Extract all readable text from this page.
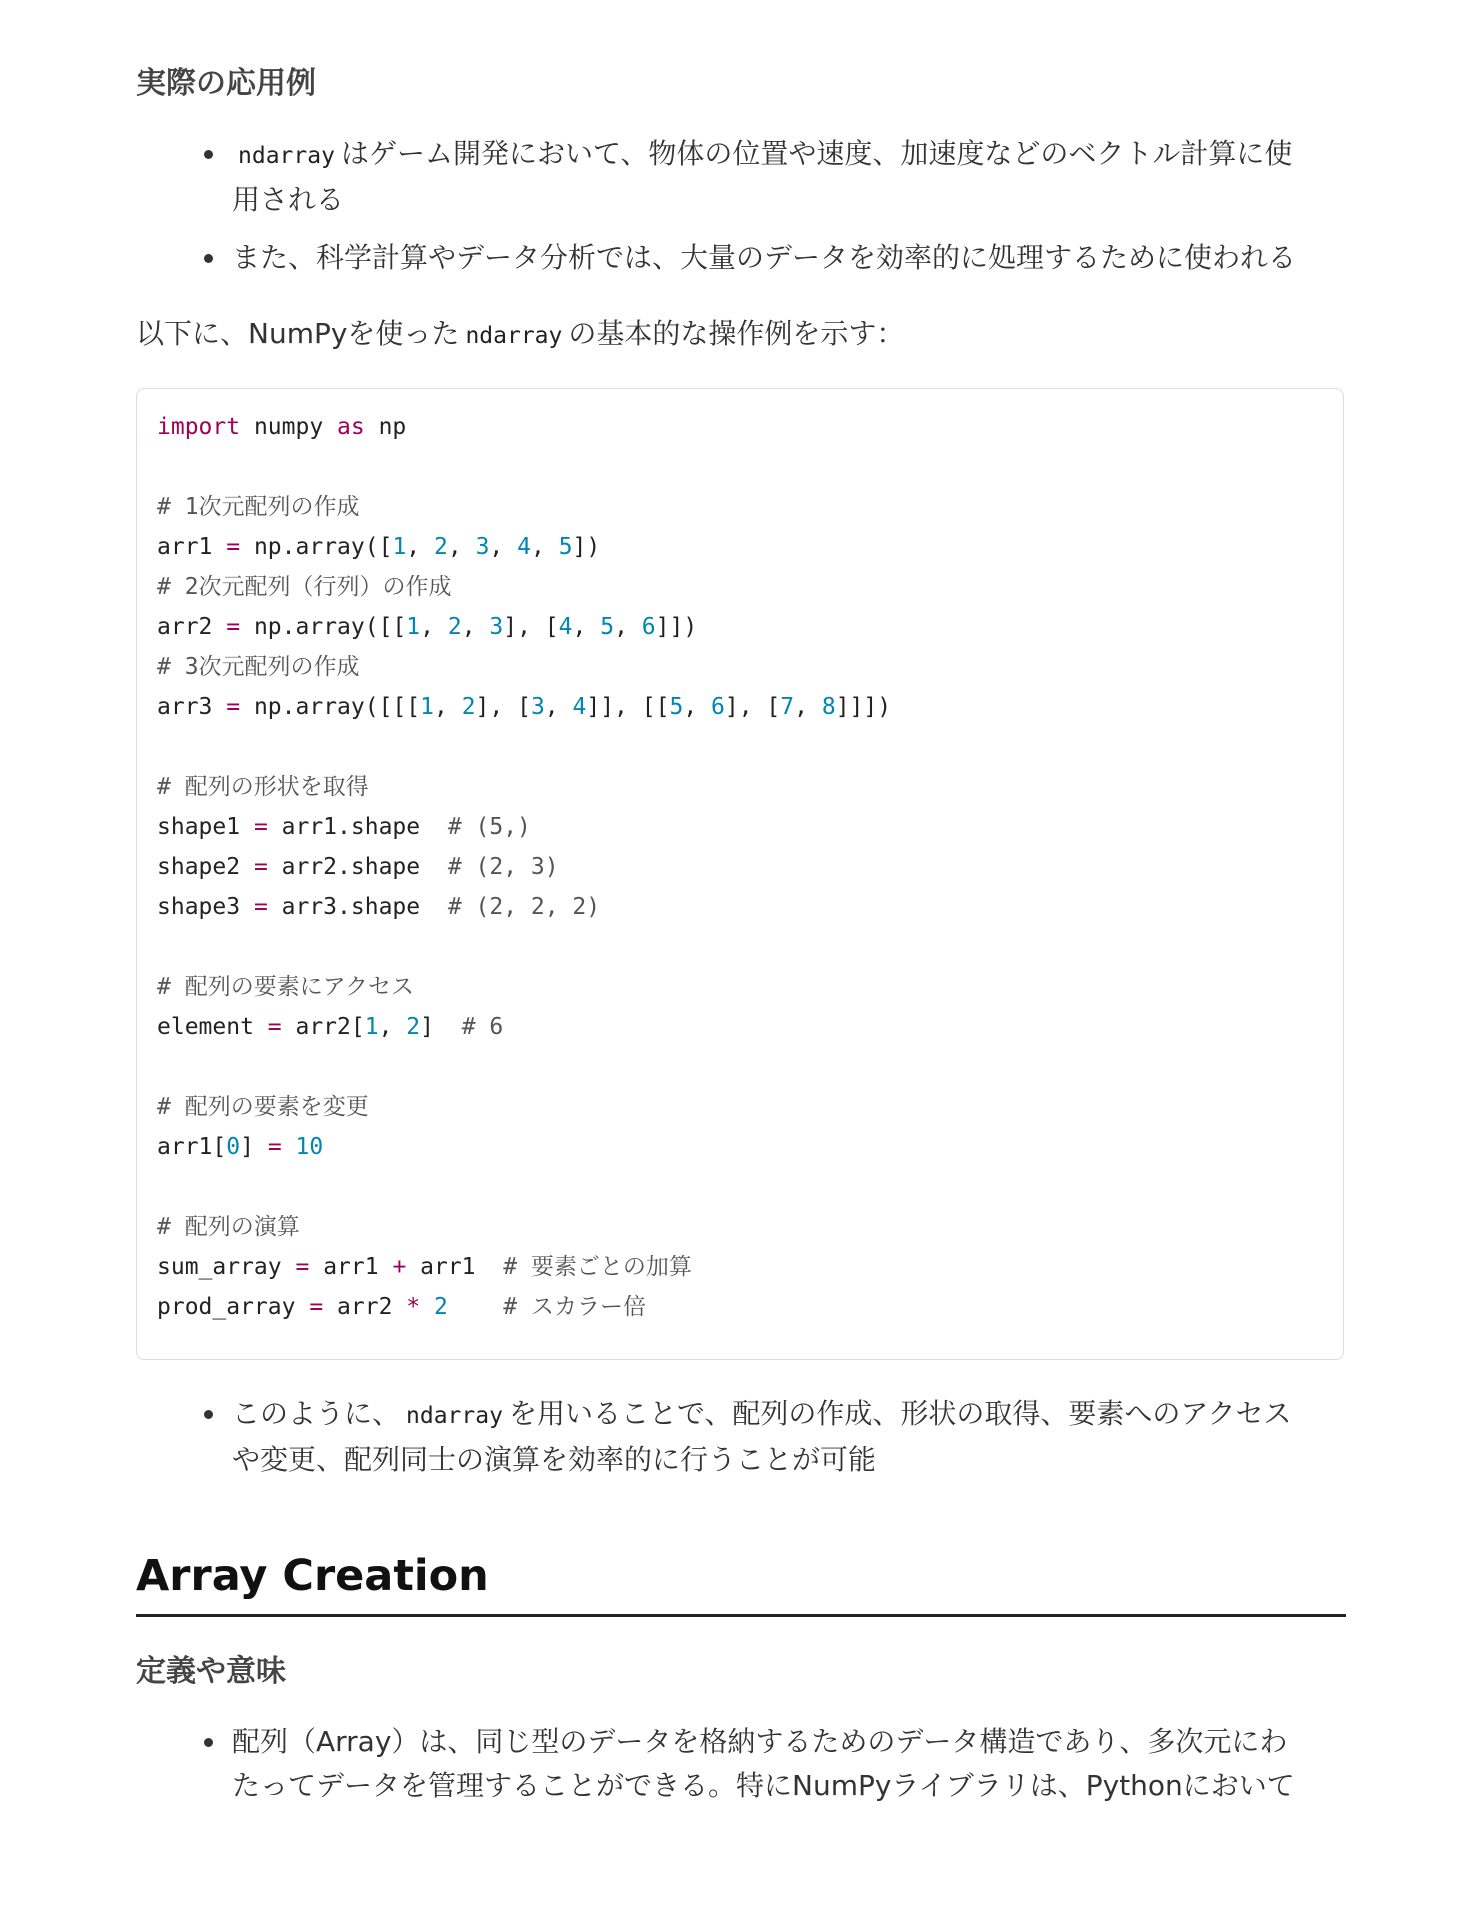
実際の応用例
ndarray はゲーム開発において、物体の位置や速度、加速度などのベクトル計算に使
用される
また、科学計算やデータ分析では、大量のデータを効率的に処理するために使われる

以下に、NumPyを使った ndarray の基本的な操作例を示す：

import numpy as np
# 1次元配列の作成
arr1 = np.array([1, 2, 3, 4, 5])
# 2次元配列（行列）の作成
arr2 = np.array([[1, 2, 3], [4, 5, 6]])
# 3次元配列の作成
arr3 = np.array([[[1, 2], [3, 4]], [[5, 6], [7, 8]]])
# 配列の形状を取得
shape1 = arr1.shape  # (5,)
shape2 = arr2.shape  # (2, 3)
shape3 = arr3.shape  # (2, 2, 2)
# 配列の要素にアクセス
element = arr2[1, 2]  # 6
# 配列の要素を変更
arr1[0] = 10
# 配列の演算
sum_array = arr1 + arr1  # 要素ごとの加算
prod_array = arr2 * 2 # スカラー倍
このように、 ndarray を用いることで、配列の作成、形状の取得、要素へのアクセス
や変更、配列同士の演算を効率的に行うことが可能
Array Creation
定義や意味
配列（Array）は、同じ型のデータを格納するためのデータ構造であり、多次元にわ
たってデータを管理することができる。特にNumPyライブラリは、Pythonにおいて
